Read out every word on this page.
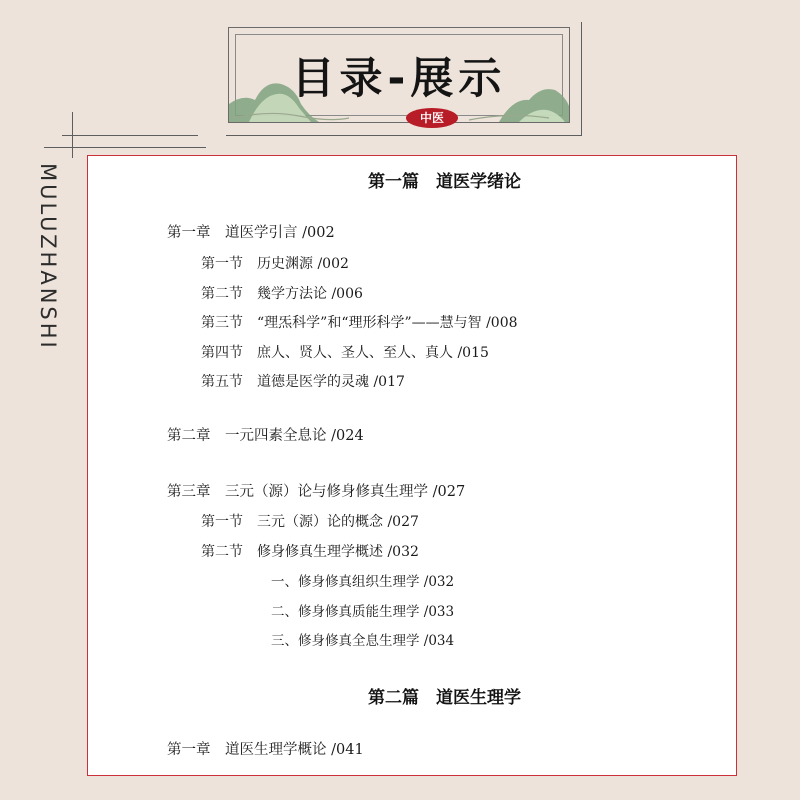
目录-展示
中医
MULUZHANSHI	第一篇　道医学绪论
第一章　道医学引言 /002
第一节　历史渊源 /002
第二节　幾学方法论 /006
第三节　“理炁科学”和“理形科学”——慧与智 /008
第四节　庶人、贤人、圣人、至人、真人 /015
第五节　道德是医学的灵魂 /017
第二章　一元四素全息论 /024
第三章　三元（源）论与修身修真生理学 /027
第一节　三元（源）论的概念 /027
第二节　修身修真生理学概述 /032
一、修身修真组织生理学 /032
二、修身修真质能生理学 /033
三、修身修真全息生理学 /034
第二篇　道医生理学
第一章　道医生理学概论 /041
